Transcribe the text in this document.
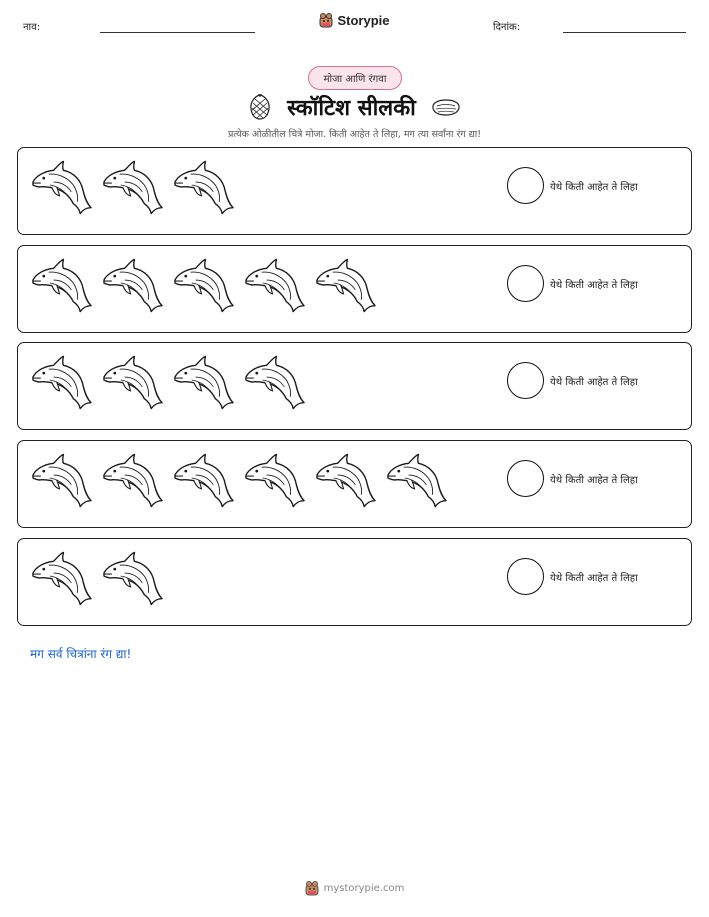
नाव:	Storypie	दिनांक:
मोजा आणि रंगवा
स्कॉटिश सीलकी
प्रत्येक ओळीतील चित्रे मोजा. किती आहेत ते लिहा, मग त्या सर्वांना रंग द्या!
येथे किती आहेत ते लिहा
येथे किती आहेत ते लिहा
येथे किती आहेत ते लिहा
येथे किती आहेत ते लिहा
येथे किती आहेत ते लिहा
मग सर्व चित्रांना रंग द्या!
mystorypie.com
